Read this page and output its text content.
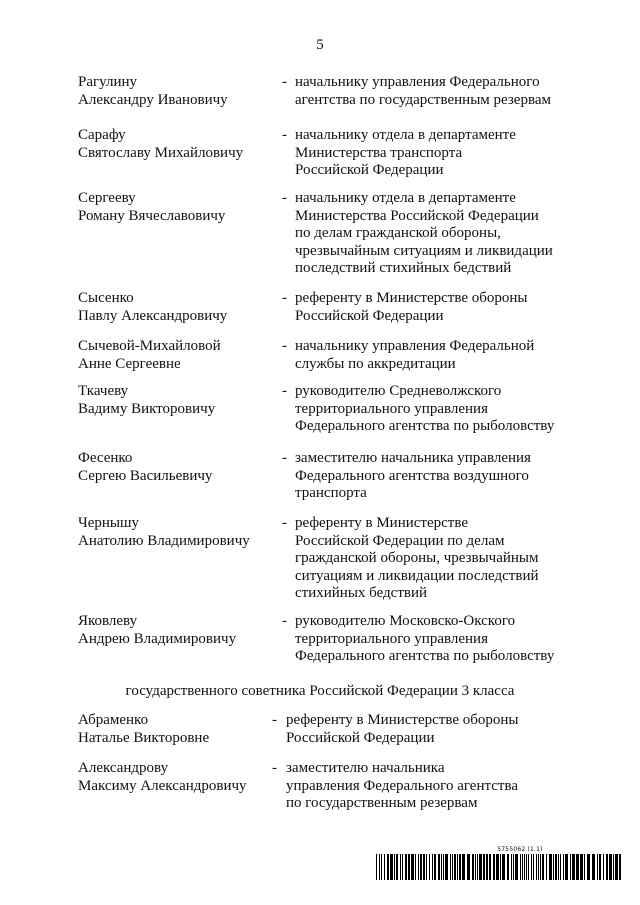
5
Рагулину
Александру Ивановичу
- начальнику управления Федерального
агентства по государственным резервам
Сарафу
Святославу Михайловичу
- начальнику отдела в департаменте
Министерства транспорта
Российской Федерации
Сергееву
Роману Вячеславовичу
- начальнику отдела в департаменте
Министерства Российской Федерации
по делам гражданской обороны,
чрезвычайным ситуациям и ликвидации
последствий стихийных бедствий
Сысенко
Павлу Александровичу
- референту в Министерстве обороны
Российской Федерации
Сычевой-Михайловой
Анне Сергеевне
- начальнику управления Федеральной
службы по аккредитации
Ткачеву
Вадиму Викторовичу
- руководителю Средневолжского
территориального управления
Федерального агентства по рыболовству
Фесенко
Сергею Васильевичу
- заместителю начальника управления
Федерального агентства воздушного
транспорта
Чернышу
Анатолию Владимировичу
- референту в Министерстве
Российской Федерации по делам
гражданской обороны, чрезвычайным
ситуациям и ликвидации последствий
стихийных бедствий
Яковлеву
Андрею Владимировичу
- руководителю Московско-Окского
территориального управления
Федерального агентства по рыболовству
государственного советника Российской Федерации 3 класса
Абраменко
Наталье Викторовне
- референту в Министерстве обороны
Российской Федерации
Александрову
Максиму Александровичу
- заместителю начальника
управления Федерального агентства
по государственным резервам
5755062 (1.1)
